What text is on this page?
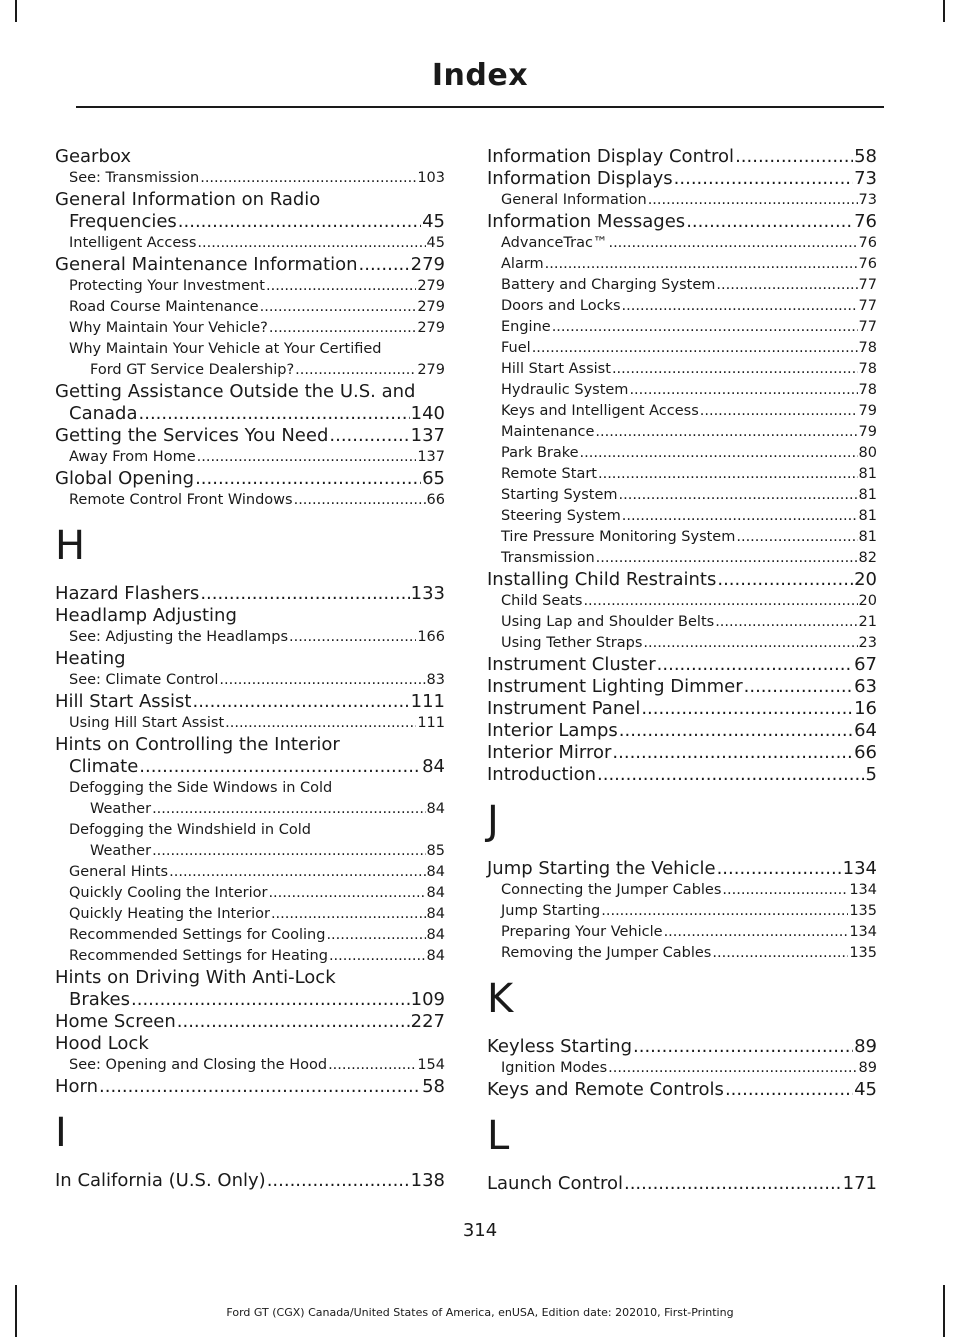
Index
Gearbox
See: Transmission .....	103
General Information on Radio
Frequencies .....	45
Intelligent Access .....	45
General Maintenance Information .....	279
Protecting Your Investment .....	279
Road Course Maintenance .....	279
Why Maintain Your Vehicle? .....	279
Why Maintain Your Vehicle at Your Certified
Ford GT Service Dealership? .....	279
Getting Assistance Outside the U.S. and
Canada .....	140
Getting the Services You Need .....	137
Away From Home .....	137
Global Opening .....	65
Remote Control Front Windows .....	66
H
Hazard Flashers .....	133
Headlamp Adjusting
See: Adjusting the Headlamps .....	166
Heating
See: Climate Control .....	83
Hill Start Assist .....	111
Using Hill Start Assist .....	111
Hints on Controlling the Interior
Climate .....	84
Defogging the Side Windows in Cold
Weather .....	84
Defogging the Windshield in Cold
Weather .....	85
General Hints .....	84
Quickly Cooling the Interior .....	84
Quickly Heating the Interior .....	84
Recommended Settings for Cooling .....	84
Recommended Settings for Heating .....	84
Hints on Driving With Anti-Lock
Brakes .....	109
Home Screen .....	227
Hood Lock
See: Opening and Closing the Hood .....	154
Horn .....	58
I
In California (U.S. Only) .....	138
Information Display Control .....	58
Information Displays .....	73
General Information .....	73
Information Messages .....	76
AdvanceTrac™ .....	76
Alarm .....	76
Battery and Charging System .....	77
Doors and Locks .....	77
Engine .....	77
Fuel .....	78
Hill Start Assist .....	78
Hydraulic System .....	78
Keys and Intelligent Access .....	79
Maintenance .....	79
Park Brake .....	80
Remote Start .....	81
Starting System .....	81
Steering System .....	81
Tire Pressure Monitoring System .....	81
Transmission .....	82
Installing Child Restraints .....	20
Child Seats .....	20
Using Lap and Shoulder Belts .....	21
Using Tether Straps .....	23
Instrument Cluster .....	67
Instrument Lighting Dimmer .....	63
Instrument Panel .....	16
Interior Lamps .....	64
Interior Mirror .....	66
Introduction .....	5
J
Jump Starting the Vehicle .....	134
Connecting the Jumper Cables .....	134
Jump Starting .....	135
Preparing Your Vehicle .....	134
Removing the Jumper Cables .....	135
K
Keyless Starting .....	89
Ignition Modes .....	89
Keys and Remote Controls .....	45
L
Launch Control .....	171
314
Ford GT (CGX) Canada/United States of America, enUSA, Edition date: 202010, First-Printing
